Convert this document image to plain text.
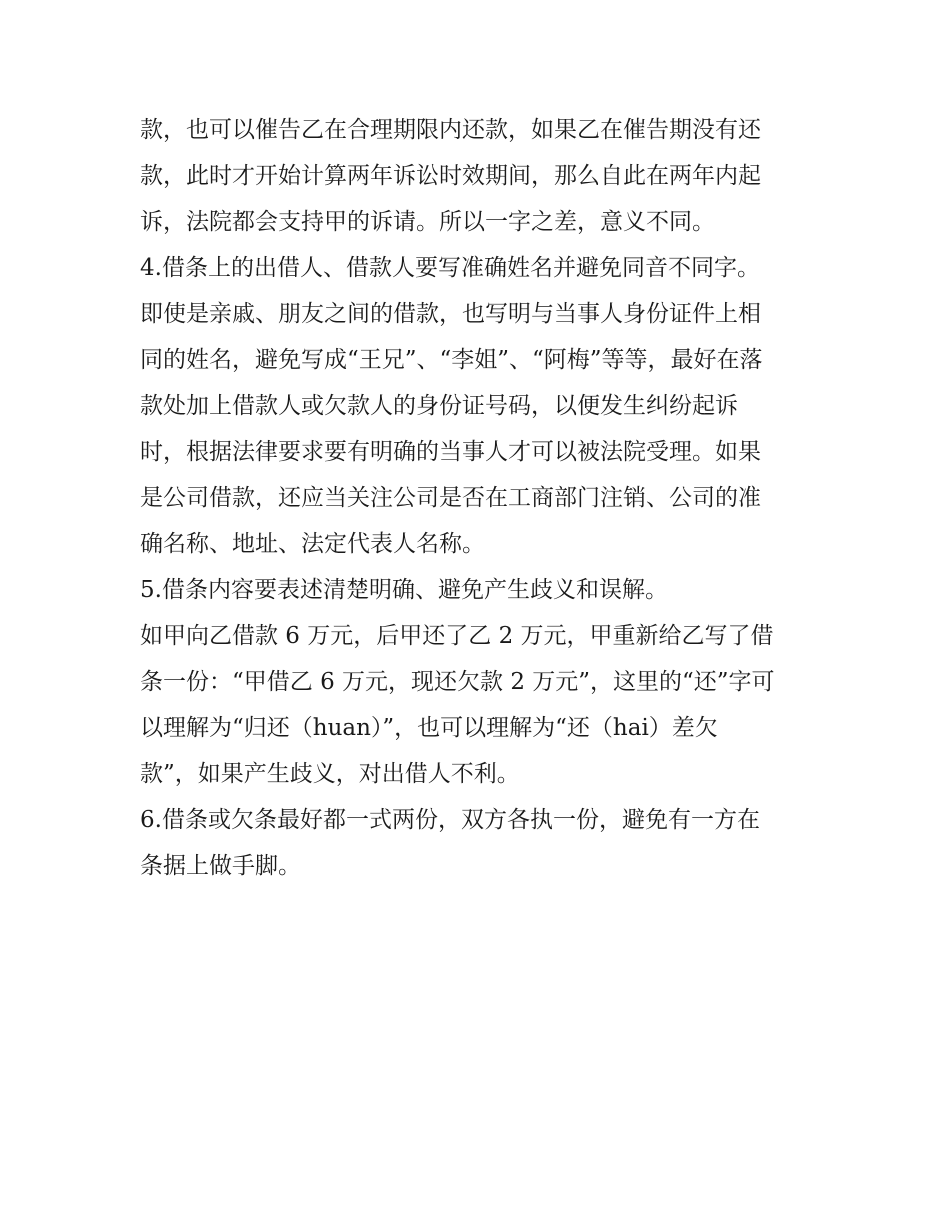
款，也可以催告乙在合理期限内还款，如果乙在催告期没有还
款，此时才开始计算两年诉讼时效期间，那么自此在两年内起
诉，法院都会支持甲的诉请。所以一字之差，意义不同。
4.借条上的出借人、借款人要写准确姓名并避免同音不同字。
即使是亲戚、朋友之间的借款，也写明与当事人身份证件上相
同的姓名，避免写成“王兄”、“李姐”、“阿梅”等等，最好在落
款处加上借款人或欠款人的身份证号码，以便发生纠纷起诉
时，根据法律要求要有明确的当事人才可以被法院受理。如果
是公司借款，还应当关注公司是否在工商部门注销、公司的准
确名称、地址、法定代表人名称。
5.借条内容要表述清楚明确、避免产生歧义和误解。
如甲向乙借款 6 万元，后甲还了乙 2 万元，甲重新给乙写了借
条一份：“甲借乙 6 万元，现还欠款 2 万元”，这里的“还”字可
以理解为“归还（huan）”，也可以理解为“还（hai）差欠
款”，如果产生歧义，对出借人不利。
6.借条或欠条最好都一式两份，双方各执一份，避免有一方在
条据上做手脚。
